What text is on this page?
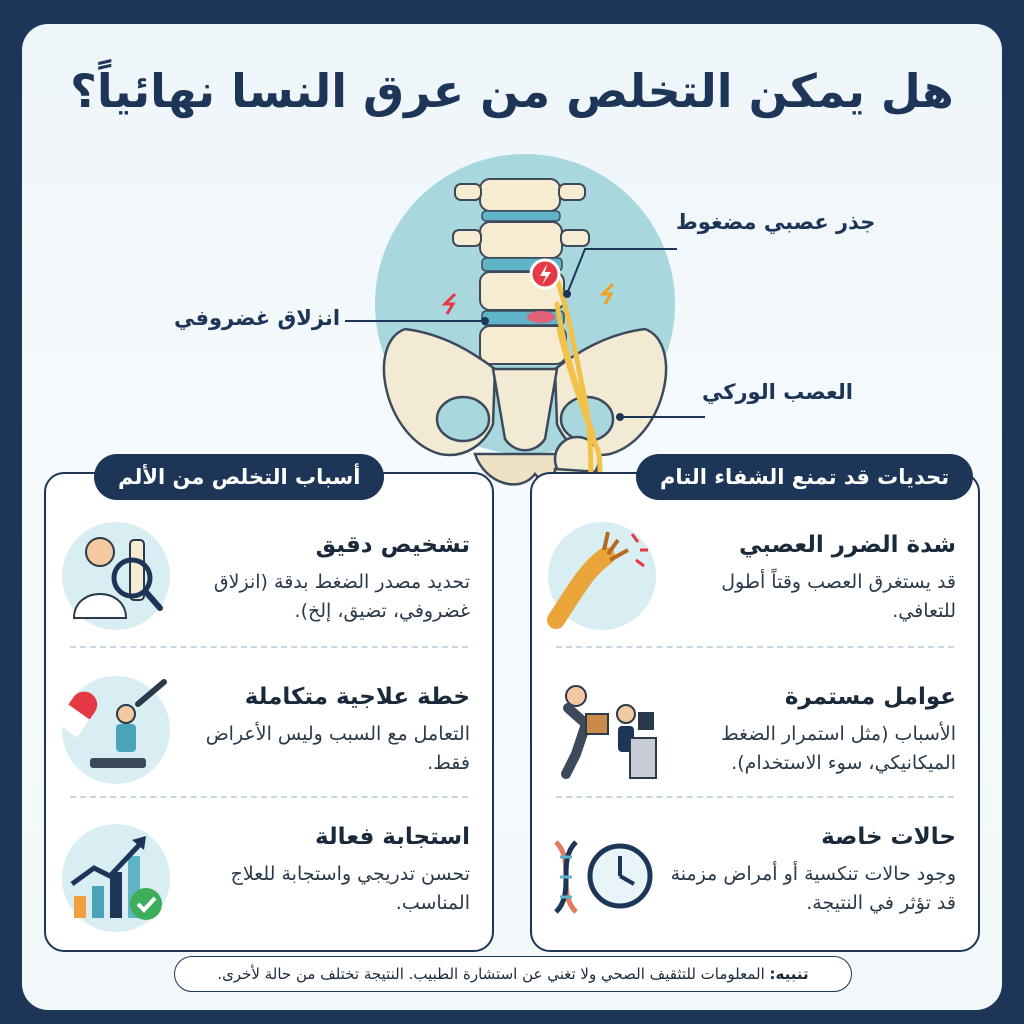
هل يمكن التخلص من عرق النسا نهائياً؟
جذر عصبي مضغوط
انزلاق غضروفي
العصب الوركي
أسباب التخلص من الألم
تشخيص دقيق

تحديد مصدر الضغط بدقة (انزلاق غضروفي، تضيق، إلخ).

خطة علاجية متكاملة

التعامل مع السبب وليس الأعراض فقط.

استجابة فعالة

تحسن تدريجي واستجابة للعلاج المناسب.

تحديات قد تمنع الشفاء التام
شدة الضرر العصبي

قد يستغرق العصب وقتاً أطول للتعافي.

عوامل مستمرة

الأسباب (مثل استمرار الضغط الميكانيكي، سوء الاستخدام).

حالات خاصة

وجود حالات تنكسية أو أمراض مزمنة قد تؤثر في النتيجة.

تنبيه: المعلومات للتثقيف الصحي ولا تغني عن استشارة الطبيب. النتيجة تختلف من حالة لأخرى.
